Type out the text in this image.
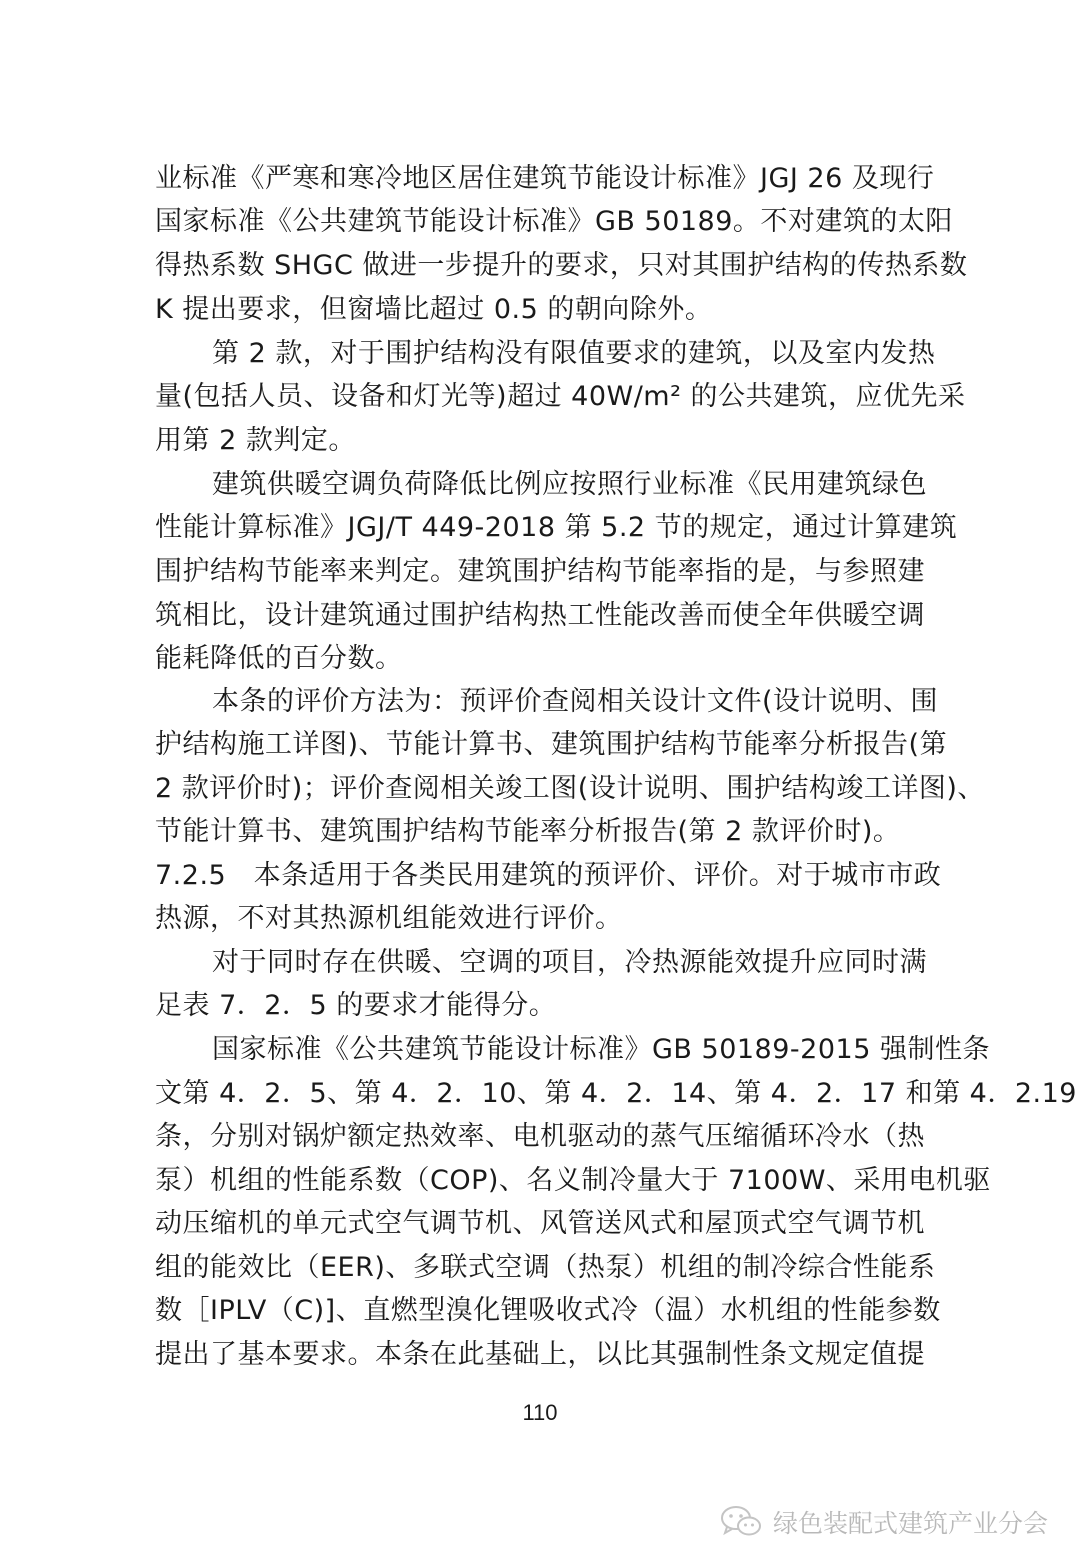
业标准《严寒和寒冷地区居住建筑节能设计标准》JGJ 26 及现行
国家标准《公共建筑节能设计标准》GB 50189。不对建筑的太阳
得热系数 SHGC 做进一步提升的要求，只对其围护结构的传热系数
K 提出要求，但窗墙比超过 0.5 的朝向除外。
第 2 款，对于围护结构没有限值要求的建筑，以及室内发热
量(包括人员、设备和灯光等)超过 40W/m² 的公共建筑，应优先采
用第 2 款判定。
建筑供暖空调负荷降低比例应按照行业标准《民用建筑绿色
性能计算标准》JGJ/T 449-2018 第 5.2 节的规定，通过计算建筑
围护结构节能率来判定。建筑围护结构节能率指的是，与参照建
筑相比，设计建筑通过围护结构热工性能改善而使全年供暖空调
能耗降低的百分数。
本条的评价方法为：预评价查阅相关设计文件(设计说明、围
护结构施工详图)、节能计算书、建筑围护结构节能率分析报告(第
2 款评价时)；评价查阅相关竣工图(设计说明、围护结构竣工详图)、
节能计算书、建筑围护结构节能率分析报告(第 2 款评价时)。
7.2.5　本条适用于各类民用建筑的预评价、评价。对于城市市政
热源，不对其热源机组能效进行评价。
对于同时存在供暖、空调的项目，冷热源能效提升应同时满
足表 7．2．5 的要求才能得分。
国家标准《公共建筑节能设计标准》GB 50189-2015 强制性条
文第 4．2．5、第 4．2．10、第 4．2．14、第 4．2．17 和第 4．2.19
条，分别对锅炉额定热效率、电机驱动的蒸气压缩循环冷水（热
泵）机组的性能系数（COP)、名义制冷量大于 7100W、采用电机驱
动压缩机的单元式空气调节机、风管送风式和屋顶式空气调节机
组的能效比（EER)、多联式空调（热泵）机组的制冷综合性能系
数［IPLV（C)]、直燃型溴化锂吸收式冷（温）水机组的性能参数
提出了基本要求。本条在此基础上，以比其强制性条文规定值提
110
绿色装配式建筑产业分会
